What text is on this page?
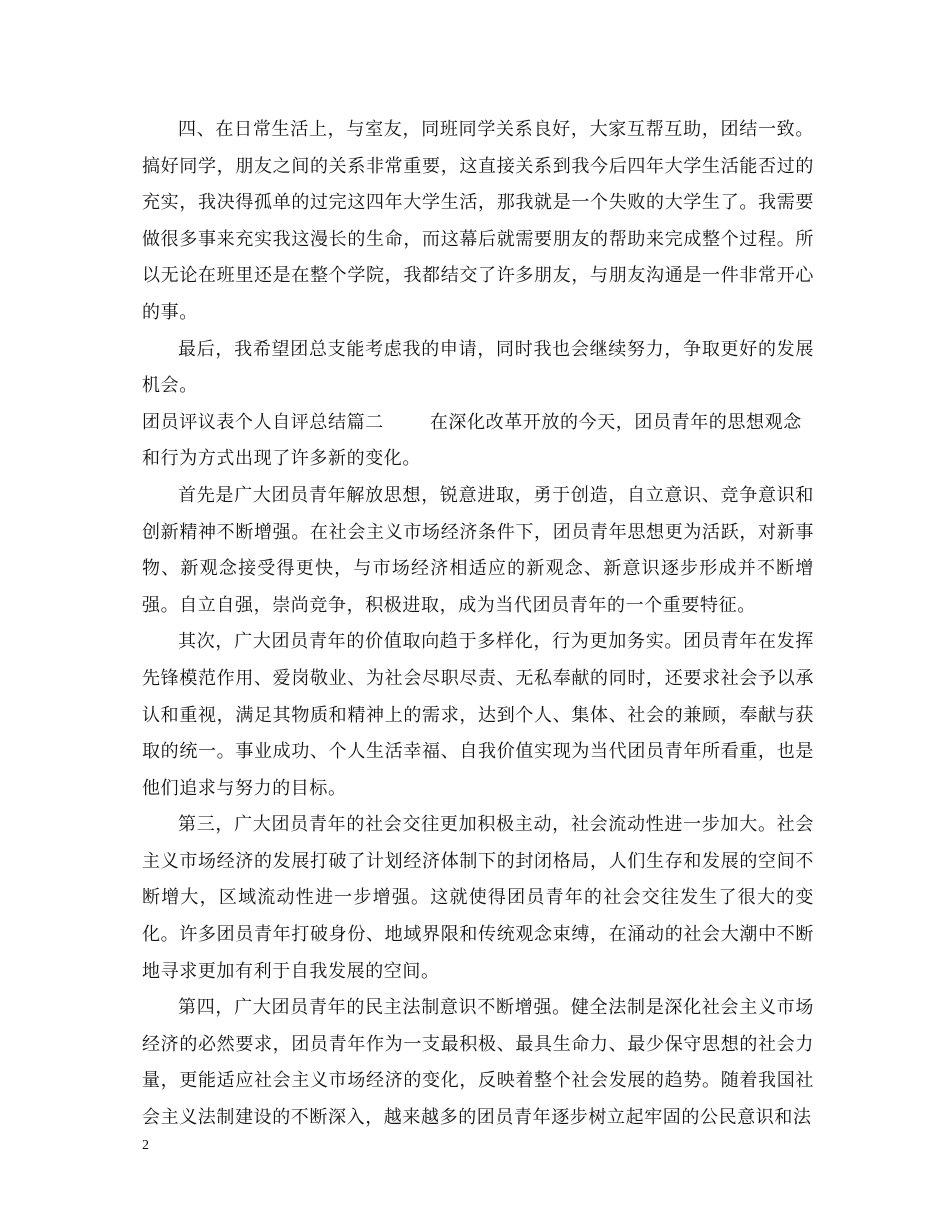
四、在日常生活上，与室友，同班同学关系良好，大家互帮互助，团结一致。搞好同学，朋友之间的关系非常重要，这直接关系到我今后四年大学生活能否过的充实，我决得孤单的过完这四年大学生活，那我就是一个失败的大学生了。我需要做很多事来充实我这漫长的生命，而这幕后就需要朋友的帮助来完成整个过程。所以无论在班里还是在整个学院，我都结交了许多朋友，与朋友沟通是一件非常开心的事。

最后，我希望团总支能考虑我的申请，同时我也会继续努力，争取更好的发展机会。

团员评议表个人自评总结篇二	在深化改革开放的今天，团员青年的思想观念和行为方式出现了许多新的变化。

首先是广大团员青年解放思想，锐意进取，勇于创造，自立意识、竞争意识和创新精神不断增强。在社会主义市场经济条件下，团员青年思想更为活跃，对新事物、新观念接受得更快，与市场经济相适应的新观念、新意识逐步形成并不断增强。自立自强，崇尚竞争，积极进取，成为当代团员青年的一个重要特征。

其次，广大团员青年的价值取向趋于多样化，行为更加务实。团员青年在发挥先锋模范作用、爱岗敬业、为社会尽职尽责、无私奉献的同时，还要求社会予以承认和重视，满足其物质和精神上的需求，达到个人、集体、社会的兼顾，奉献与获取的统一。事业成功、个人生活幸福、自我价值实现为当代团员青年所看重，也是他们追求与努力的目标。

第三，广大团员青年的社会交往更加积极主动，社会流动性进一步加大。社会主义市场经济的发展打破了计划经济体制下的封闭格局，人们生存和发展的空间不断增大，区域流动性进一步增强。这就使得团员青年的社会交往发生了很大的变化。许多团员青年打破身份、地域界限和传统观念束缚，在涌动的社会大潮中不断地寻求更加有利于自我发展的空间。

第四，广大团员青年的民主法制意识不断增强。健全法制是深化社会主义市场经济的必然要求，团员青年作为一支最积极、最具生命力、最少保守思想的社会力量，更能适应社会主义市场经济的变化，反映着整个社会发展的趋势。随着我国社会主义法制建设的不断深入，越来越多的团员青年逐步树立起牢固的公民意识和法

2
